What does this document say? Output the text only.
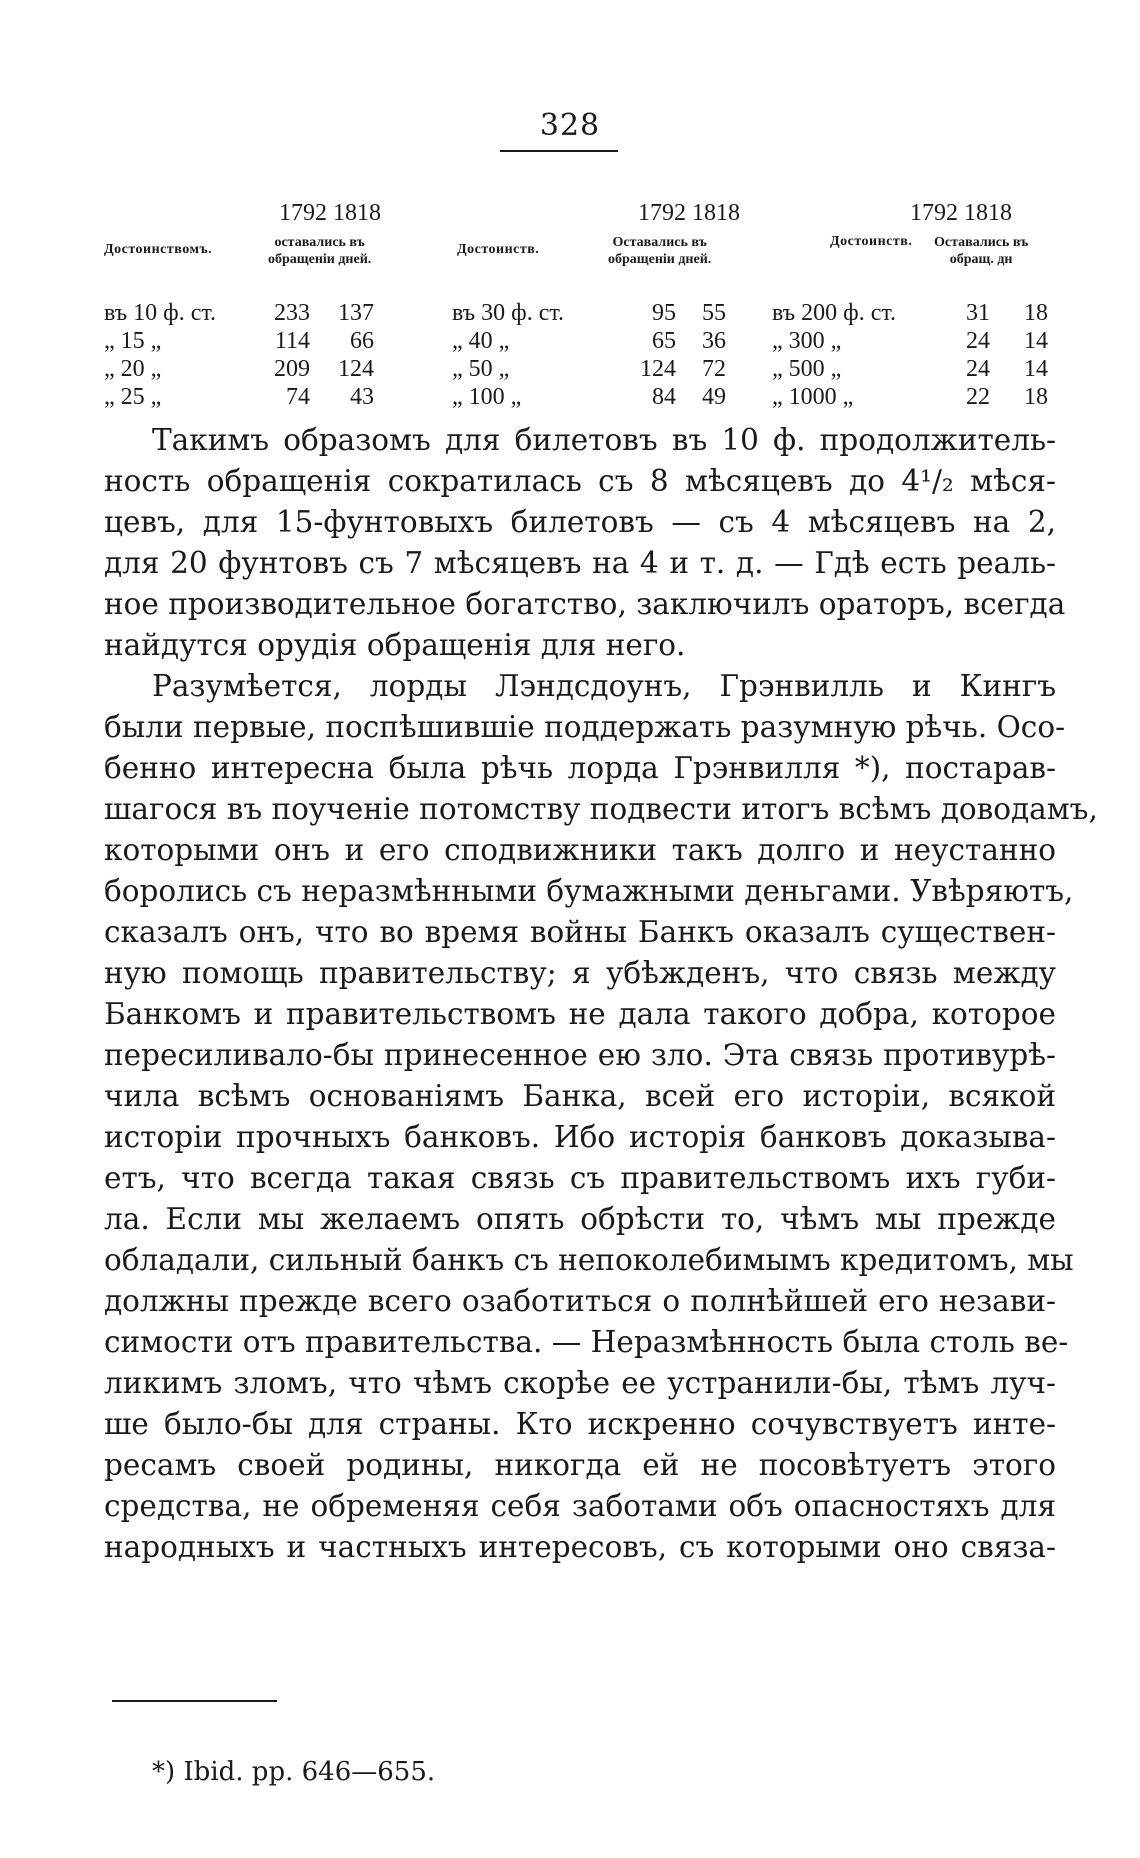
328
1792 1818
Достоинствомъ.	оставались въ
обращеніи дней.
въ 10 ф. ст.	233	137
„ 15 „	114	66
„ 20 „	209	124
„ 25 „	74	43
1792 1818
Достоинств.	Оставались въ
обращеніи дней.
въ 30 ф. ст.	95	55
„ 40 „	65	36
„ 50 „	124	72
„ 100 „	84	49
1792 1818
Достоинств. Оставались въ
обращ. дн
въ 200 ф. ст.	31	18
„ 300 „	24	14
„ 500 „	24	14
„ 1000 „	22	18
Такимъ образомъ для билетовъ въ 10 ф. продолжитель-
ность обращенія сократилась съ 8 мѣсяцевъ до 4¹/₂ мѣся-
цевъ, для 15-фунтовыхъ билетовъ — съ 4 мѣсяцевъ на 2,
для 20 фунтовъ съ 7 мѣсяцевъ на 4 и т. д. — Гдѣ есть реаль-
ное производительное богатство, заключилъ ораторъ, всегда
найдутся орудія обращенія для него.
Разумѣется, лорды Лэндсдоунъ, Грэнвилль и Кингъ
были первые, поспѣшившіе поддержать разумную рѣчь. Осо-
бенно интересна была рѣчь лорда Грэнвилля *), постарав-
шагося въ поученіе потомству подвести итогъ всѣмъ доводамъ,
которыми онъ и его сподвижники такъ долго и неустанно
боролись съ неразмѣнными бумажными деньгами. Увѣряютъ,
сказалъ онъ, что во время войны Банкъ оказалъ существен-
ную помощь правительству; я убѣжденъ, что связь между
Банкомъ и правительствомъ не дала такого добра, которое
пересиливало-бы принесенное ею зло. Эта связь противурѣ-
чила всѣмъ основаніямъ Банка, всей его исторіи, всякой
исторіи прочныхъ банковъ. Ибо исторія банковъ доказыва-
етъ, что всегда такая связь съ правительствомъ ихъ губи-
ла. Если мы желаемъ опять обрѣсти то, чѣмъ мы прежде
обладали, сильный банкъ съ непоколебимымъ кредитомъ, мы
должны прежде всего озаботиться о полнѣйшей его незави-
симости отъ правительства. — Неразмѣнность была столь ве-
ликимъ зломъ, что чѣмъ скорѣе ее устранили-бы, тѣмъ луч-
ше было-бы для страны. Кто искренно сочувствуетъ инте-
ресамъ своей родины, никогда ей не посовѣтуетъ этого
средства, не обременяя себя заботами объ опасностяхъ для
народныхъ и частныхъ интересовъ, съ которыми оно связа-
*) Ibid. pp. 646—655.
